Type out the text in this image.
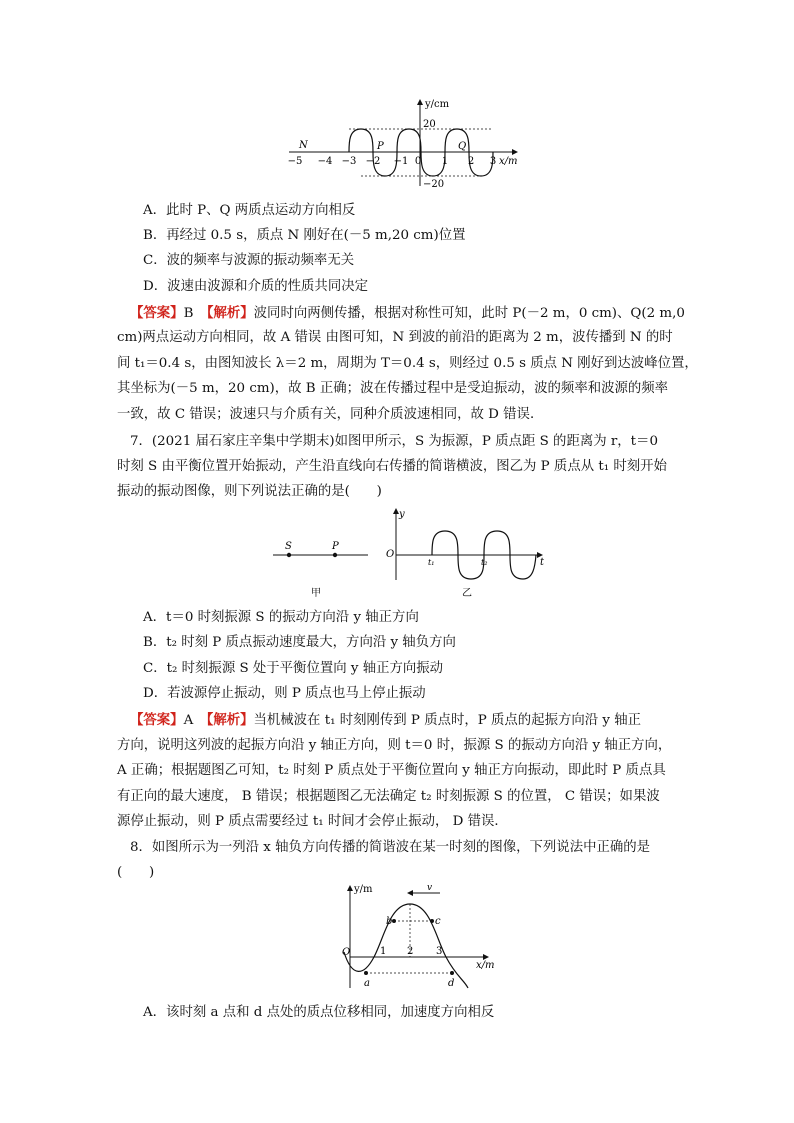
y/cm
x/m
20
−20
−5 −4 −3 −2 −1 0 1 2 3
N	P	Q
A．此时 P、Q 两质点运动方向相反
B．再经过 0.5 s，质点 N 刚好在(－5 m,20 cm)位置
C．波的频率与波源的振动频率无关
D．波速由波源和介质的性质共同决定
【答案】B　 【解析】波同时向两侧传播，根据对称性可知，此时 P(－2 m，0 cm)、Q(2 m,0
cm)两点运动方向相同，故 A 错误 由图可知，N 到波的前沿的距离为 2 m，波传播到 N 的时
间 t₁＝0.4 s，由图知波长 λ＝2 m，周期为 T＝0.4 s，则经过 0.5 s 质点 N 刚好到达波峰位置，
其坐标为(－5 m，20 cm)，故 B 正确；波在传播过程中是受迫振动，波的频率和波源的频率
一致，故 C 错误；波速只与介质有关，同种介质波速相同，故 D 错误．
7．(2021 届石家庄辛集中学期末)如图甲所示，S 为振源，P 质点距 S 的距离为 r，t＝0
时刻 S 由平衡位置开始振动，产生沿直线向右传播的简谐横波，图乙为 P 质点从 t₁ 时刻开始
振动的振动图像，则下列说法正确的是(　　)
S	P
甲
y
O
t₁	t₂	t
乙
A．t＝0 时刻振源 S 的振动方向沿 y 轴正方向
B．t₂ 时刻 P 质点振动速度最大，方向沿 y 轴负方向
C．t₂ 时刻振源 S 处于平衡位置向 y 轴正方向振动
D．若波源停止振动，则 P 质点也马上停止振动
【答案】A　 【解析】当机械波在 t₁ 时刻刚传到 P 质点时，P 质点的起振方向沿 y 轴正
方向，说明这列波的起振方向沿 y 轴正方向，则 t＝0 时，振源 S 的振动方向沿 y 轴正方向，
A 正确；根据题图乙可知，t₂ 时刻 P 质点处于平衡位置向 y 轴正方向振动，即此时 P 质点具
有正向的最大速度， B 错误；根据题图乙无法确定 t₂ 时刻振源 S 的位置， C 错误；如果波
源停止振动，则 P 质点需要经过 t₁ 时间才会停止振动， D 错误．
8．如图所示为一列沿 x 轴负方向传播的简谐波在某一时刻的图像，下列说法中正确的是
(　　)
v
y/m
x/m
O	1 2 3
b	c
a	d
A．该时刻 a 点和 d 点处的质点位移相同，加速度方向相反
